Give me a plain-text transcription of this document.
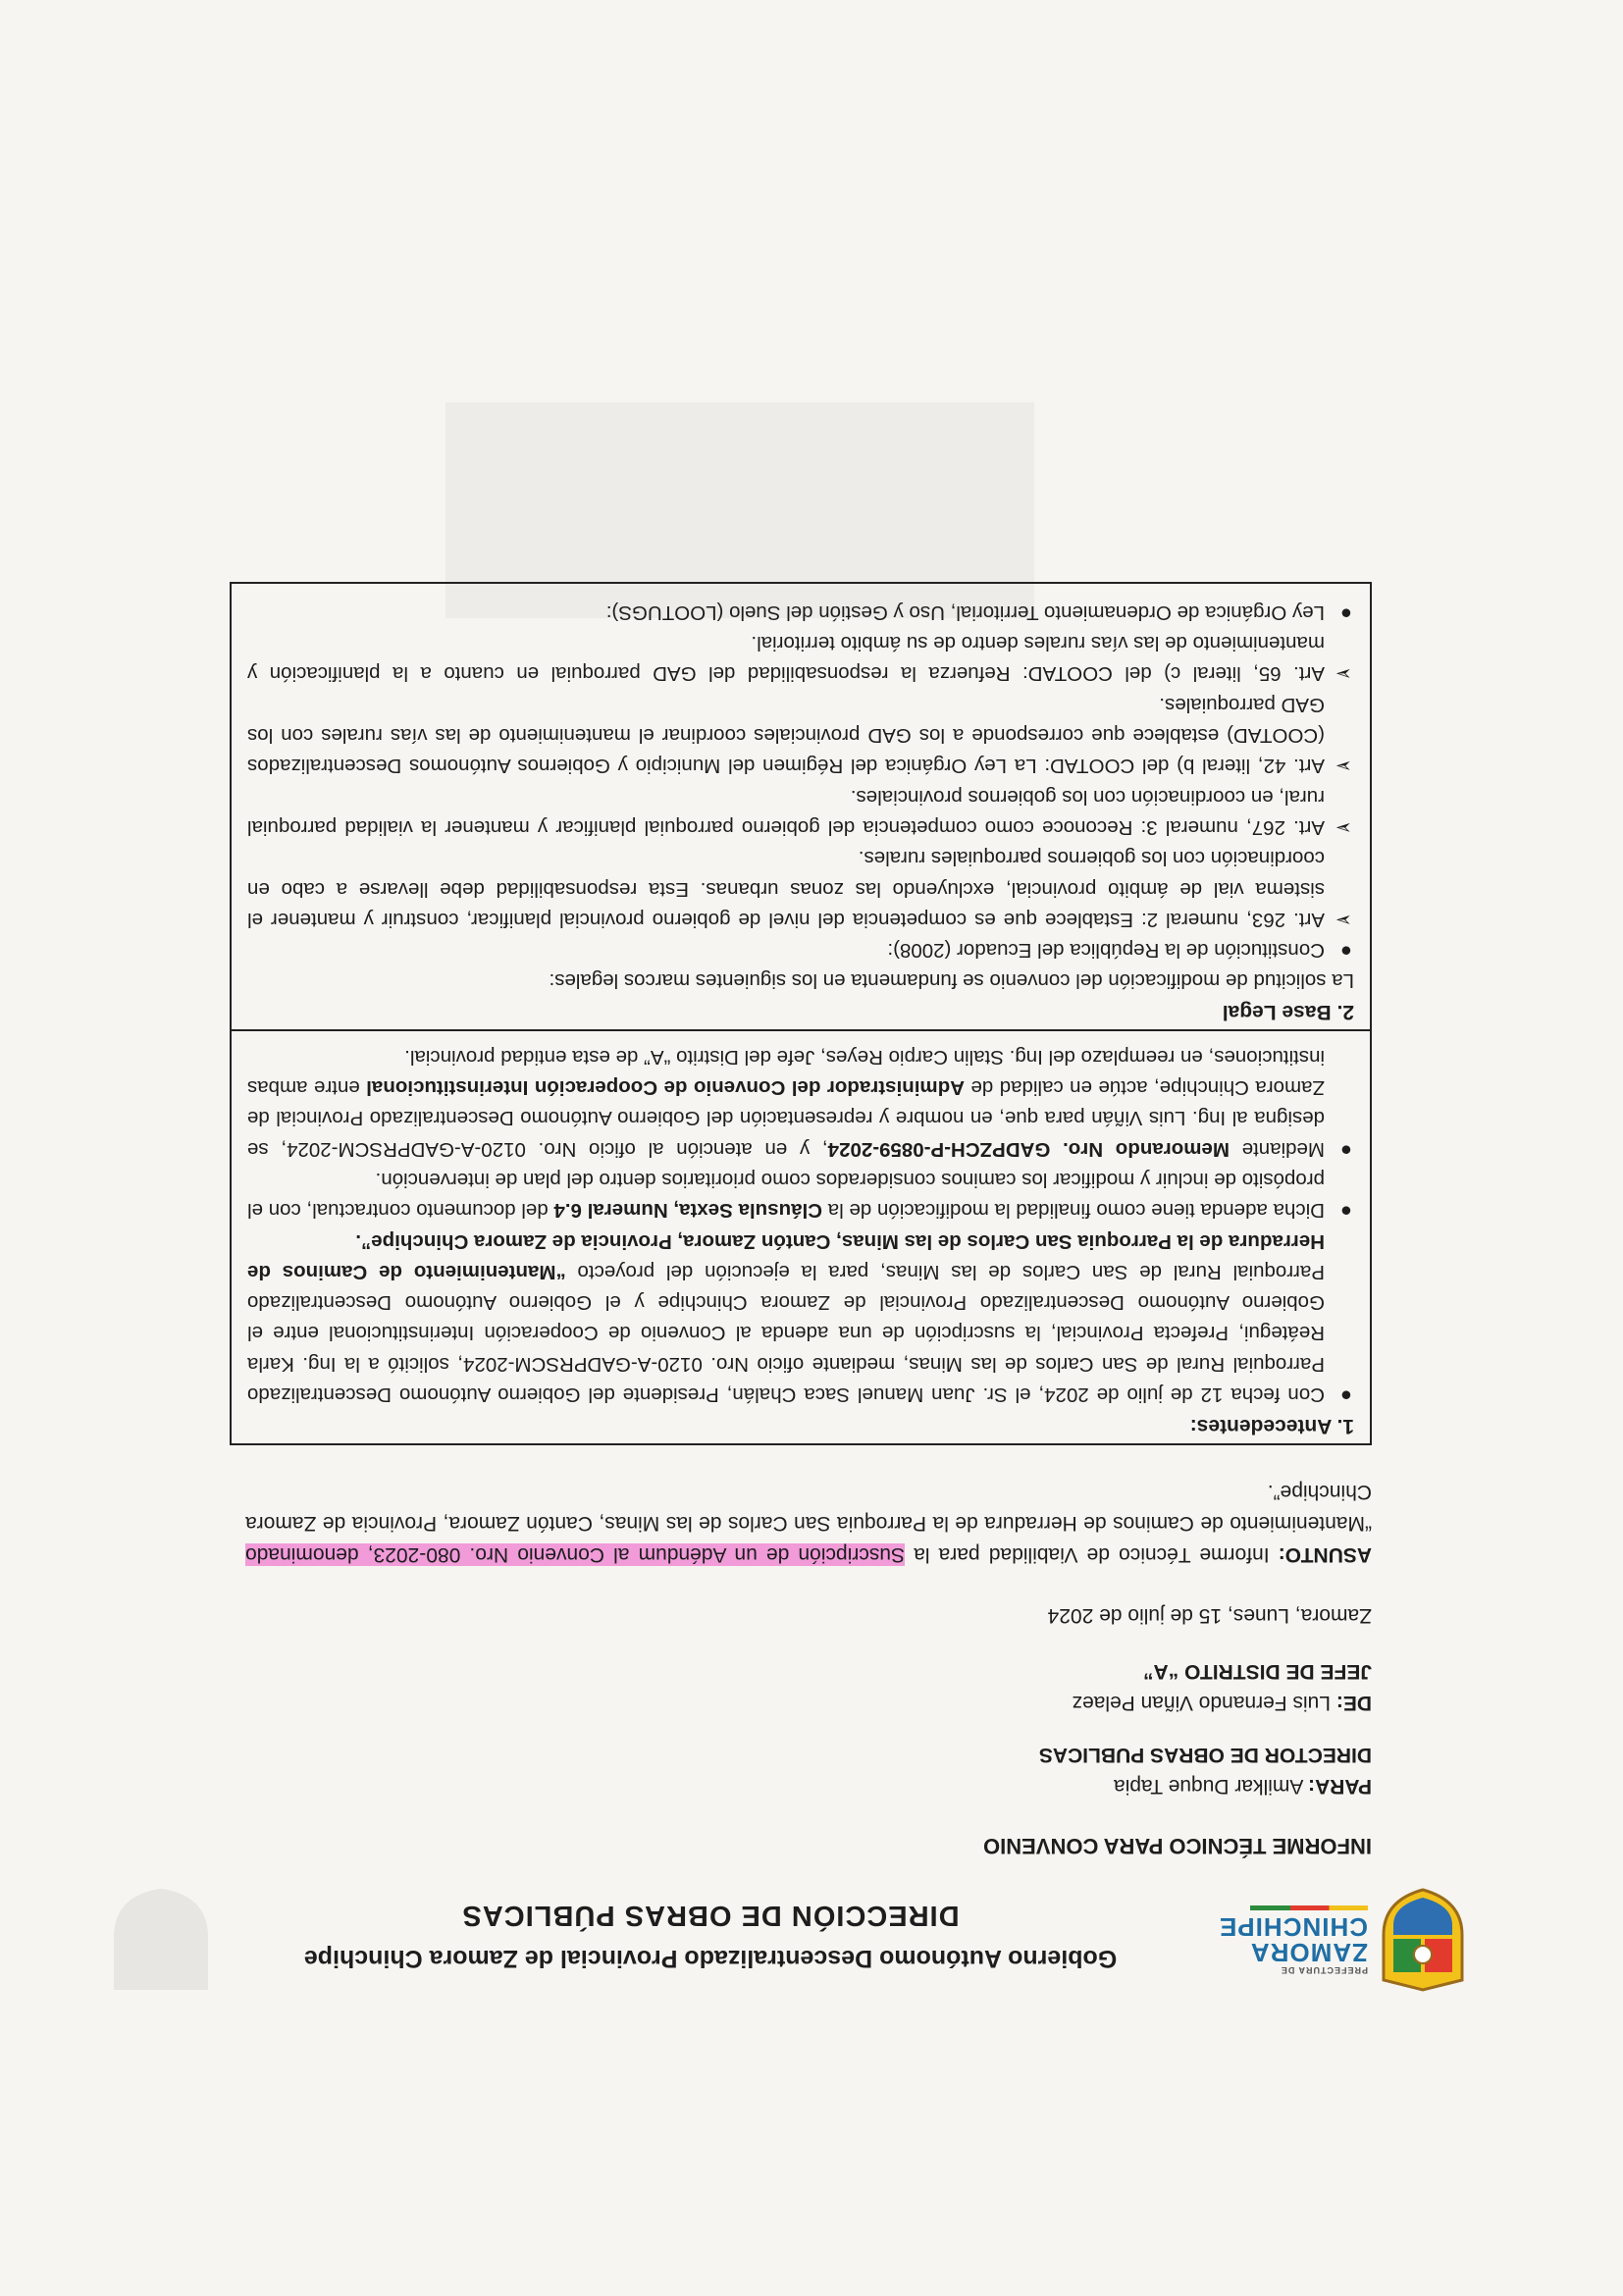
PREFECTURA DE
ZAMORA
CHINCHIPE
Gobierno Autónomo Descentralizado Provincial de Zamora Chinchipe
DIRECCIÓN DE OBRAS PÚBLICAS
INFORME TÉCNICO PARA CONVENIO
PARA: Amilkar Duque Tapia
DIRECTOR DE OBRAS PUBLICAS
DE: Luis Fernando Viñan Pelaez
JEFE DE DISTRITO “A”
Zamora, Lunes, 15 de julio de 2024
ASUNTO: Informe Técnico de Viabilidad para la Suscripción de un Adéndum al Convenio Nro. 080-2023, denominado “Mantenimiento de Caminos de Herradura de la Parroquia San Carlos de las Minas, Cantón Zamora, Provincia de Zamora Chinchipe”.
1. Antecedentes:
●
Con fecha 12 de julio de 2024, el Sr. Juan Manuel Saca Chalán, Presidente del Gobierno Autónomo Descentralizado Parroquial Rural de San Carlos de las Minas, mediante oficio Nro. 0120-A-GADPRSCM-2024, solicitó a la Ing. Karla Reátegui, Prefecta Provincial, la suscripción de una adenda al Convenio de Cooperación Interinstitucional entre el Gobierno Autónomo Descentralizado Provincial de Zamora Chinchipe y el Gobierno Autónomo Descentralizado Parroquial Rural de San Carlos de las Minas, para la ejecución del proyecto “Mantenimiento de Caminos de Herradura de la Parroquia San Carlos de las Minas, Cantón Zamora, Provincia de Zamora Chinchipe”.
●
Dicha adenda tiene como finalidad la modificación de la Cláusula Sexta, Numeral 6.4 del documento contractual, con el propósito de incluir y modificar los caminos considerados como prioritarios dentro del plan de intervención.
●
Mediante Memorando Nro. GADPZCH-P-0859-2024, y en atención al oficio Nro. 0120-A-GADPRSCM-2024, se designa al Ing. Luis Viñán para que, en nombre y representación del Gobierno Autónomo Descentralizado Provincial de Zamora Chinchipe, actúe en calidad de Administrador del Convenio de Cooperación Interinstitucional entre ambas instituciones, en reemplazo del Ing. Stalin Carpio Reyes, Jefe del Distrito “A” de esta entidad provincial.
2. Base Legal
La solicitud de modificación del convenio se fundamenta en los siguientes marcos legales:
●
Constitución de la República del Ecuador (2008):
➢
Art. 263, numeral 2: Establece que es competencia del nivel de gobierno provincial planificar, construir y mantener el sistema vial de ámbito provincial, excluyendo las zonas urbanas. Esta responsabilidad debe llevarse a cabo en coordinación con los gobiernos parroquiales rurales.
➢
Art. 267, numeral 3: Reconoce como competencia del gobierno parroquial planificar y mantener la vialidad parroquial rural, en coordinación con los gobiernos provinciales.
➢
Art. 42, literal b) del COOTAD: La Ley Orgánica del Régimen del Municipio y Gobiernos Autónomos Descentralizados (COOTAD) establece que corresponde a los GAD provinciales coordinar el mantenimiento de las vías rurales con los GAD parroquiales.
➢
Art. 65, literal c) del COOTAD: Refuerza la responsabilidad del GAD parroquial en cuanto a la planificación y mantenimiento de las vías rurales dentro de su ámbito territorial.
●
Ley Orgánica de Ordenamiento Territorial, Uso y Gestión del Suelo (LOOTUGS):
